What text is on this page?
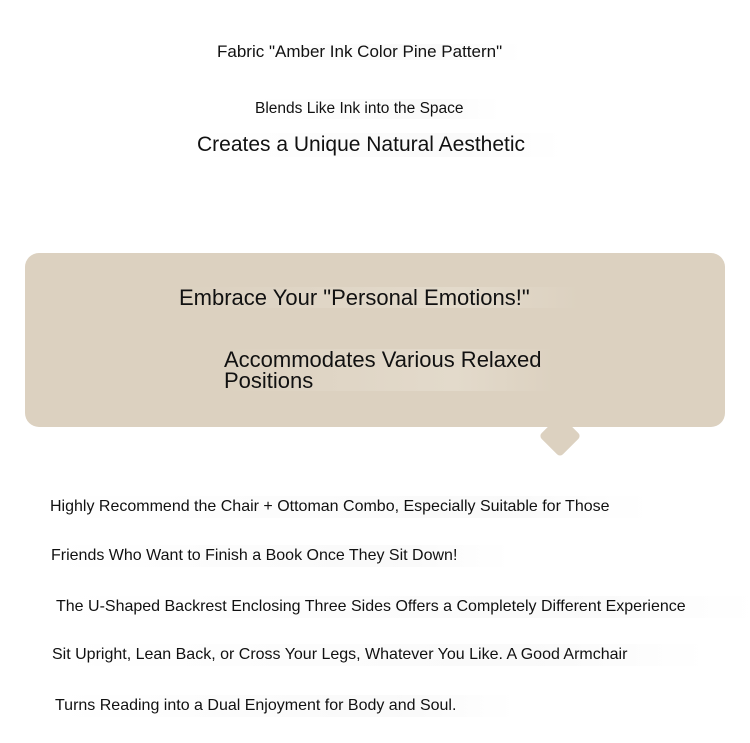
Fabric "Amber Ink Color Pine Pattern"
Blends Like Ink into the Space
Creates a Unique Natural Aesthetic
Embrace Your "Personal Emotions!"
Accommodates Various Relaxed Positions
Highly Recommend the Chair + Ottoman Combo, Especially Suitable for Those
Friends Who Want to Finish a Book Once They Sit Down!
The U-Shaped Backrest Enclosing Three Sides Offers a Completely Different Experience
Sit Upright, Lean Back, or Cross Your Legs, Whatever You Like. A Good Armchair
Turns Reading into a Dual Enjoyment for Body and Soul.
